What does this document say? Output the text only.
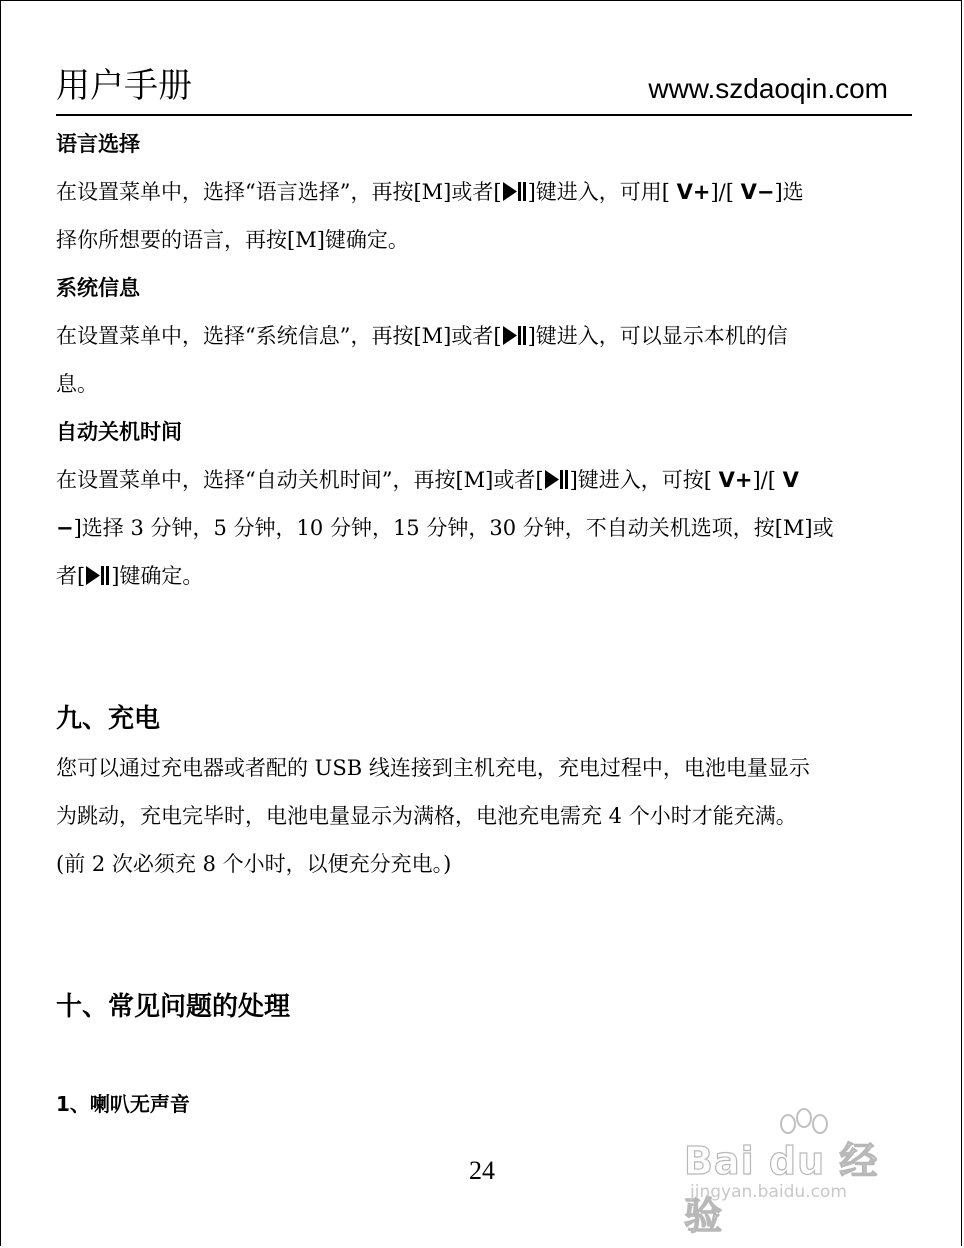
用户手册	www.szdaoqin.com
语言选择
在设置菜单中，选择“语言选择”，再按[M]或者[ ]键进入，可用[ V+]/[ V−]选
择你所想要的语言，再按[M]键确定。
系统信息
在设置菜单中，选择“系统信息”，再按[M]或者[ ]键进入，可以显示本机的信
息。
自动关机时间
在设置菜单中，选择“自动关机时间”，再按[M]或者[ ]键进入，可按[ V+]/[ V
−]选择 3 分钟，5 分钟，10 分钟，15 分钟，30 分钟，不自动关机选项，按[M]或
者[ ]键确定。
九、充电
您可以通过充电器或者配的 USB 线连接到主机充电，充电过程中，电池电量显示
为跳动，充电完毕时，电池电量显示为满格，电池充电需充 4 个小时才能充满。
(前 2 次必须充 8 个小时，以便充分充电。)
十、常见问题的处理
1、喇叭无声音
24	Bai du 经验
jingyan.baidu.com
